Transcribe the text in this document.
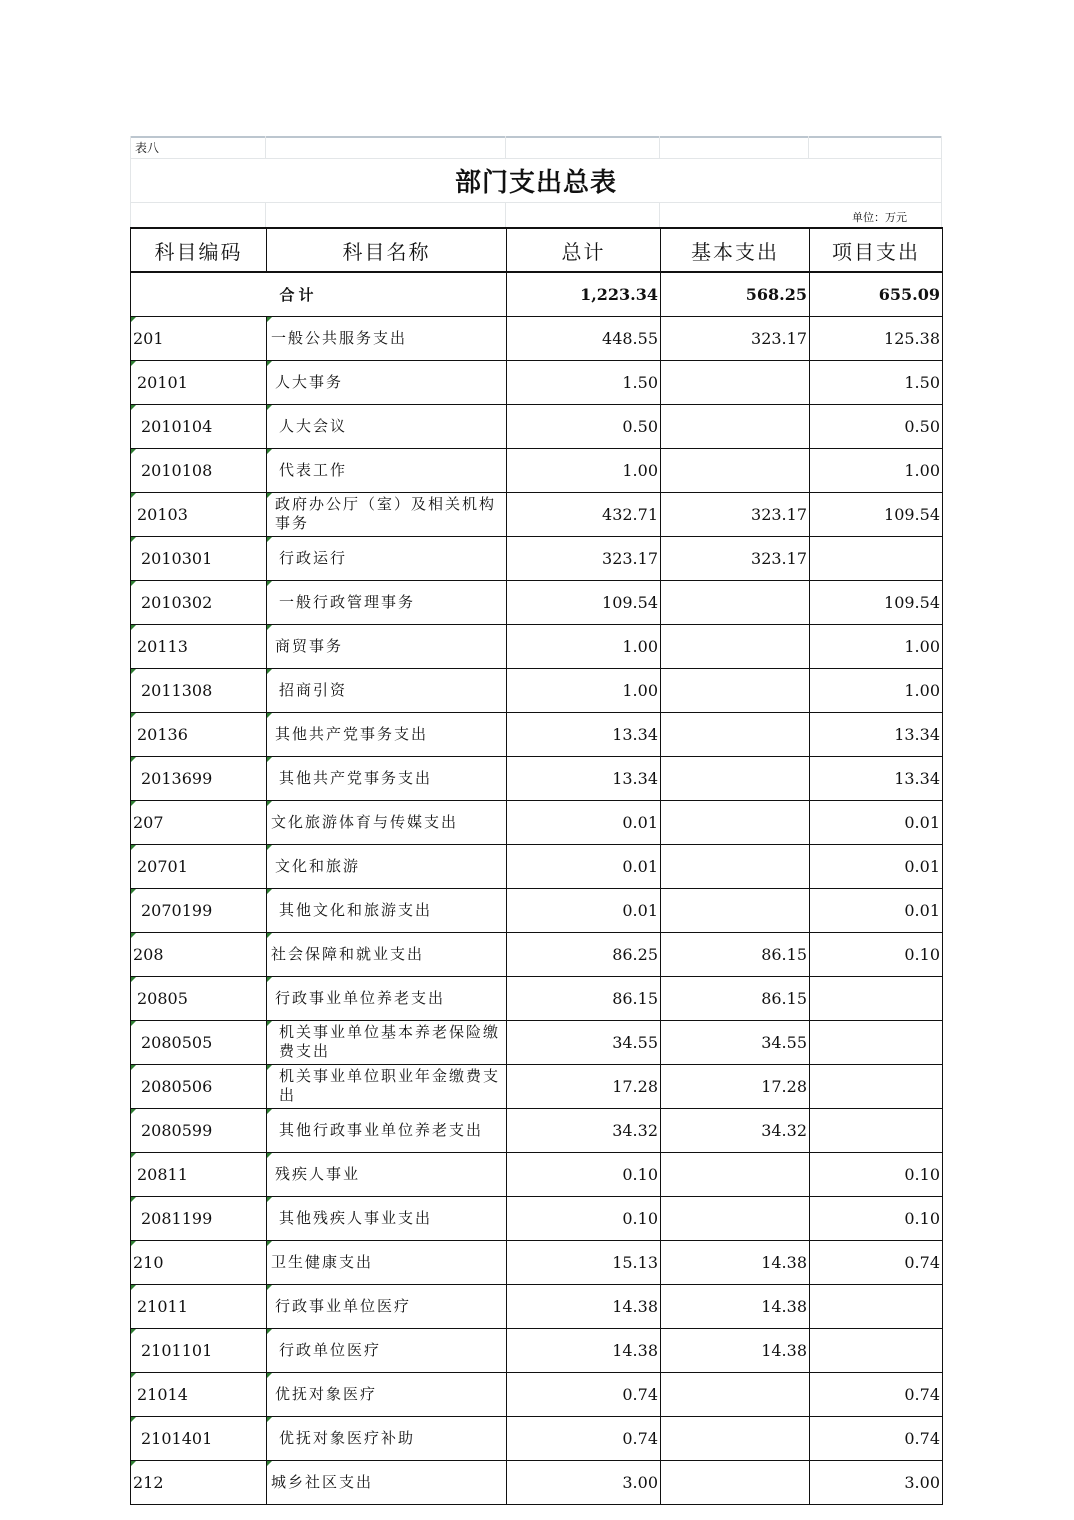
表八
部门支出总表
单位：万元
科目编码	科目名称	总计	基本支出	项目支出
合计		1,223.34	568.25	655.09
201	一般公共服务支出	448.55	323.17	125.38
20101	人大事务	1.50		1.50
2010104	人大会议	0.50		0.50
2010108	代表工作	1.00		1.00
20103	政府办公厅（室）及相关机构事务	432.71	323.17	109.54
2010301	行政运行	323.17	323.17	
2010302	一般行政管理事务	109.54		109.54
20113	商贸事务	1.00		1.00
2011308	招商引资	1.00		1.00
20136	其他共产党事务支出	13.34		13.34
2013699	其他共产党事务支出	13.34		13.34
207	文化旅游体育与传媒支出	0.01		0.01
20701	文化和旅游	0.01		0.01
2070199	其他文化和旅游支出	0.01		0.01
208	社会保障和就业支出	86.25	86.15	0.10
20805	行政事业单位养老支出	86.15	86.15	
2080505	机关事业单位基本养老保险缴费支出	34.55	34.55	
2080506	机关事业单位职业年金缴费支出	17.28	17.28	
2080599	其他行政事业单位养老支出	34.32	34.32	
20811	残疾人事业	0.10		0.10
2081199	其他残疾人事业支出	0.10		0.10
210	卫生健康支出	15.13	14.38	0.74
21011	行政事业单位医疗	14.38	14.38	
2101101	行政单位医疗	14.38	14.38	
21014	优抚对象医疗	0.74		0.74
2101401	优抚对象医疗补助	0.74		0.74
212	城乡社区支出	3.00		3.00
